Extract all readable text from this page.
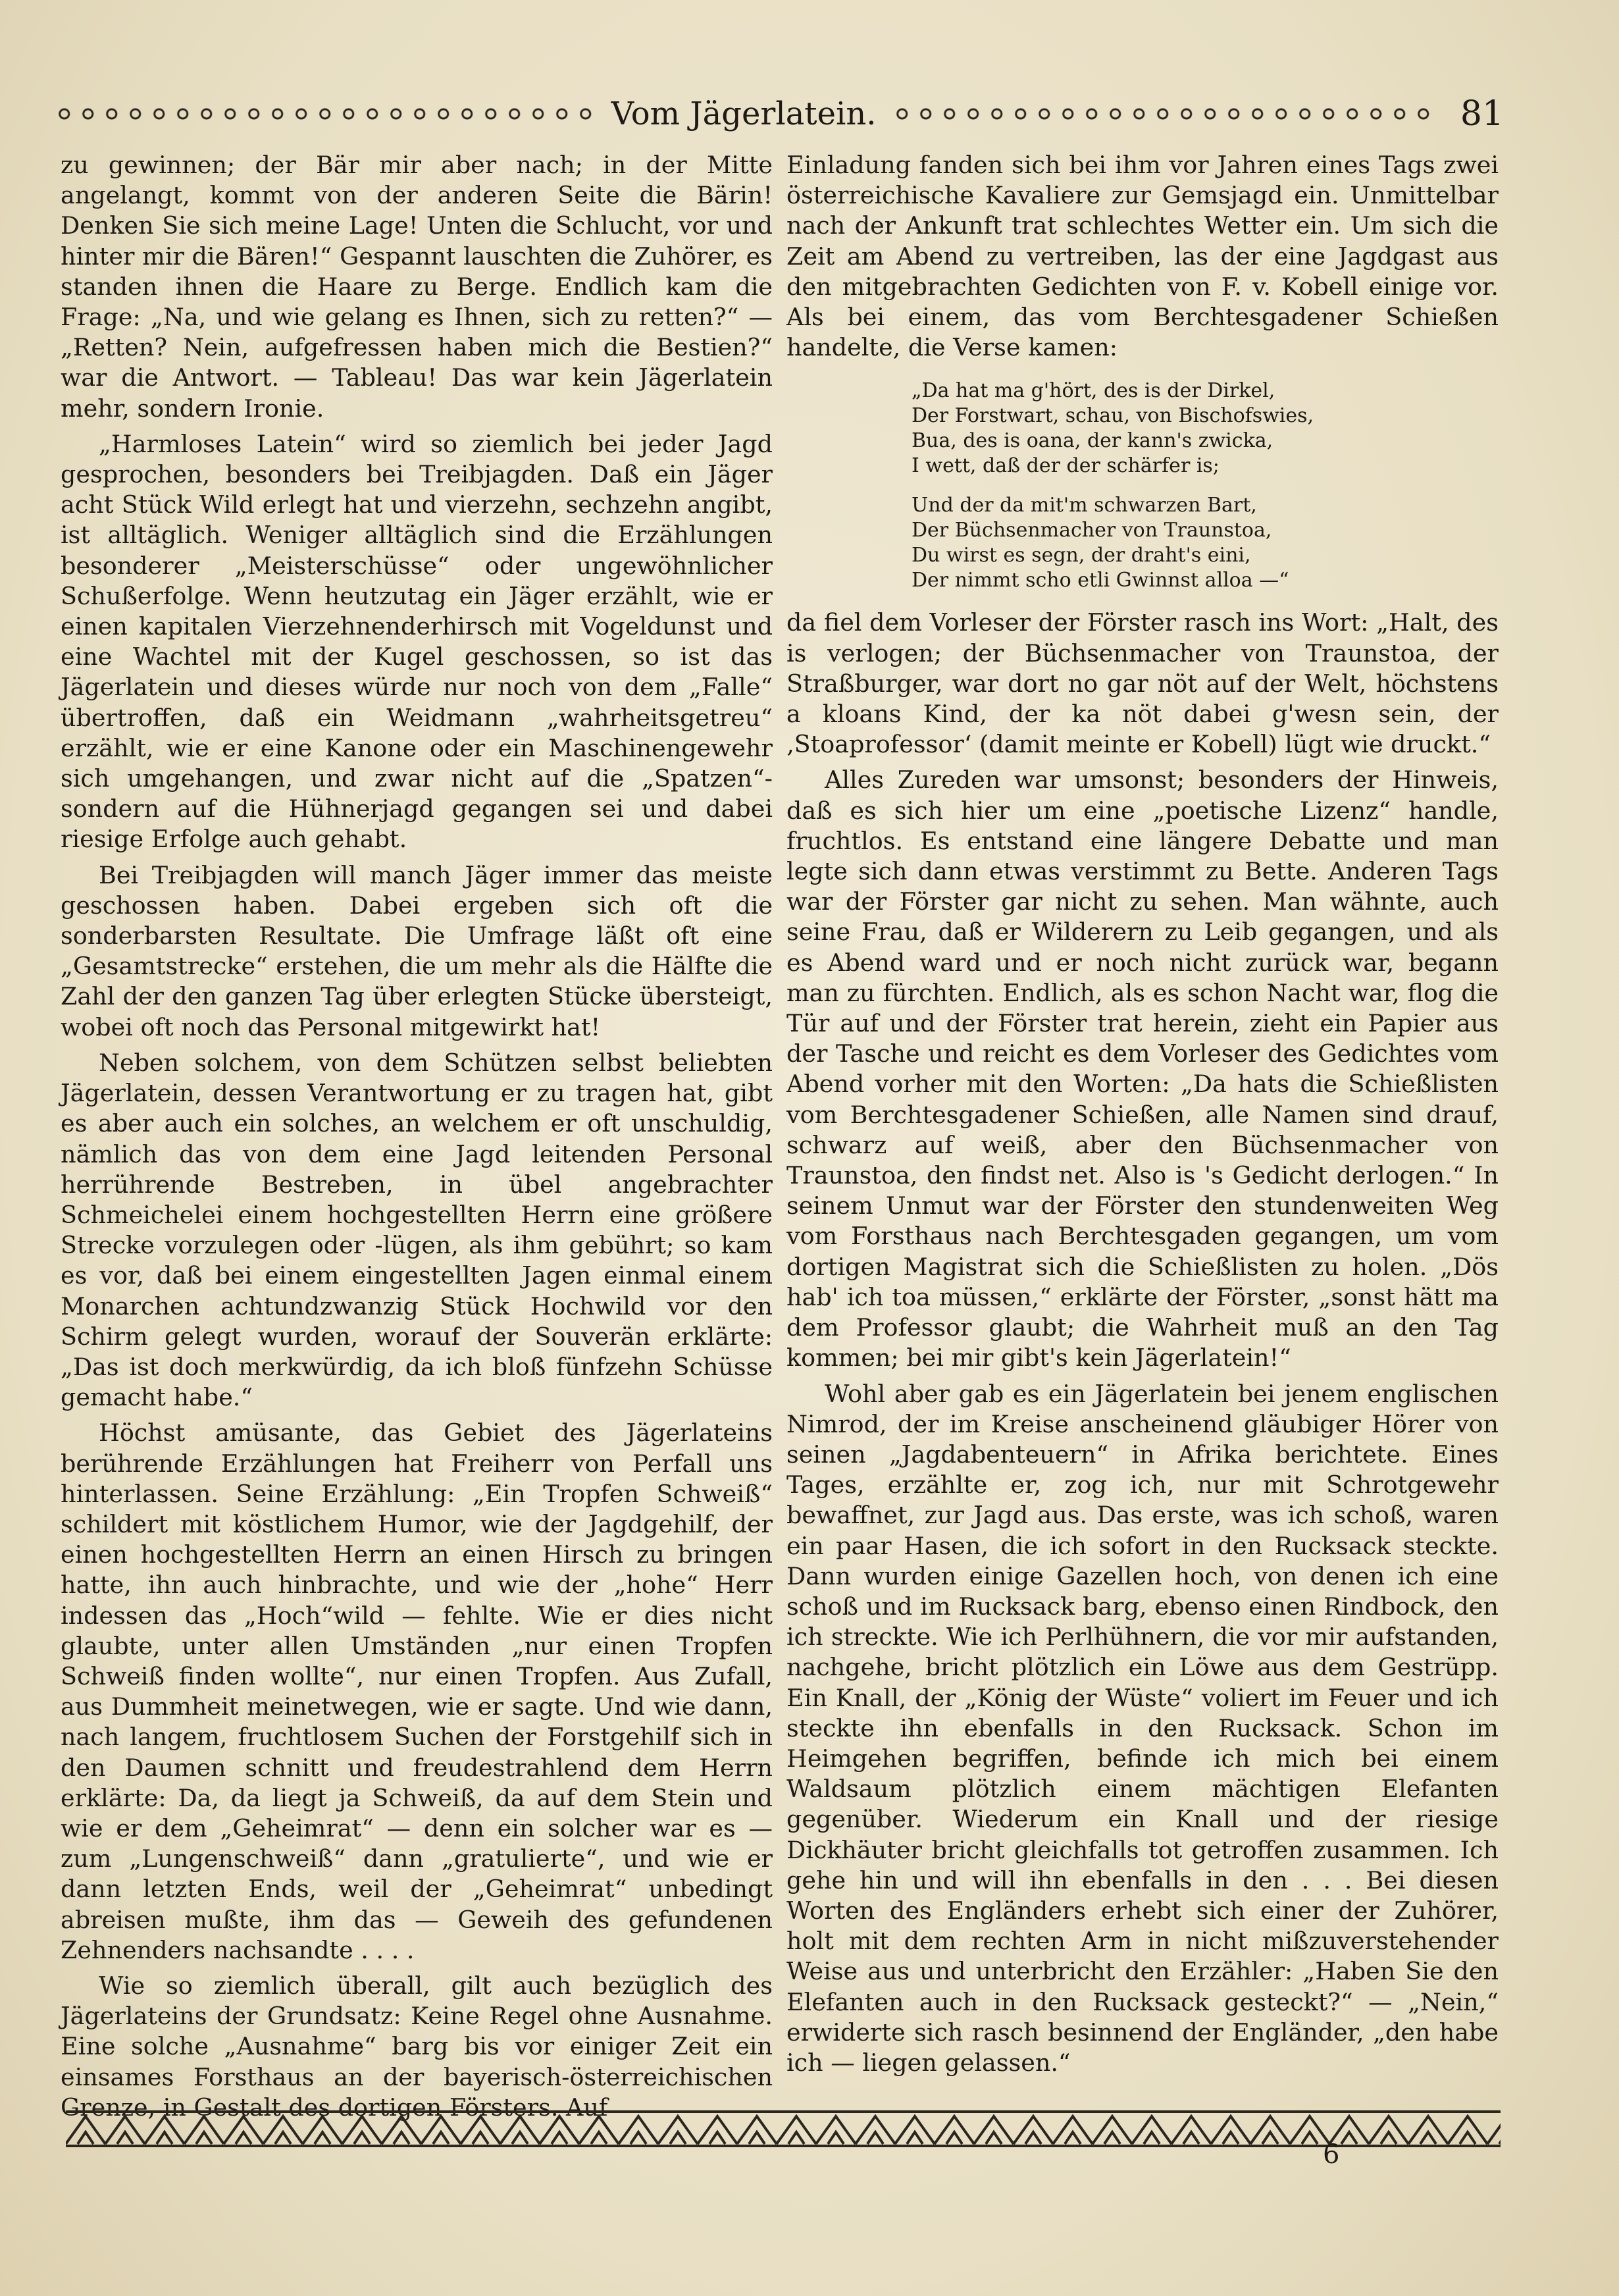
Vom Jägerlatein.	81

zu gewinnen; der Bär mir aber nach; in der Mitte angelangt, kommt von der anderen Seite die Bärin! Denken Sie sich meine Lage! Unten die Schlucht, vor und hinter mir die Bären!“ Gespannt lauschten die Zuhörer, es standen ihnen die Haare zu Berge. Endlich kam die Frage: „Na, und wie gelang es Ihnen, sich zu retten?“ — „Retten? Nein, aufgefressen haben mich die Bestien?“ war die Antwort. — Tableau! Das war kein Jägerlatein mehr, sondern Ironie.

„Harmloses Latein“ wird so ziemlich bei jeder Jagd gesprochen, besonders bei Treibjagden. Daß ein Jäger acht Stück Wild erlegt hat und vierzehn, sechzehn angibt, ist alltäglich. Weniger alltäglich sind die Erzählungen besonderer „Meisterschüsse“ oder ungewöhnlicher Schußerfolge. Wenn heutzutag ein Jäger erzählt, wie er einen kapitalen Vierzehnenderhirsch mit Vogeldunst und eine Wachtel mit der Kugel geschossen, so ist das Jägerlatein und dieses würde nur noch von dem „Falle“ übertroffen, daß ein Weidmann „wahrheitsgetreu“ erzählt, wie er eine Kanone oder ein Maschinengewehr sich umgehangen, und zwar nicht auf die „Spatzen“-sondern auf die Hühnerjagd gegangen sei und dabei riesige Erfolge auch gehabt.

Bei Treibjagden will manch Jäger immer das meiste geschossen haben. Dabei ergeben sich oft die sonderbarsten Resultate. Die Umfrage läßt oft eine „Gesamtstrecke“ erstehen, die um mehr als die Hälfte die Zahl der den ganzen Tag über erlegten Stücke übersteigt, wobei oft noch das Personal mitgewirkt hat!

Neben solchem, von dem Schützen selbst beliebten Jägerlatein, dessen Verantwortung er zu tragen hat, gibt es aber auch ein solches, an welchem er oft unschuldig, nämlich das von dem eine Jagd leitenden Personal herrührende Bestreben, in übel angebrachter Schmeichelei einem hochgestellten Herrn eine größere Strecke vorzulegen oder -lügen, als ihm gebührt; so kam es vor, daß bei einem eingestellten Jagen einmal einem Monarchen achtundzwanzig Stück Hochwild vor den Schirm gelegt wurden, worauf der Souverän erklärte: „Das ist doch merkwürdig, da ich bloß fünfzehn Schüsse gemacht habe.“

Höchst amüsante, das Gebiet des Jägerlateins berührende Erzählungen hat Freiherr von Perfall uns hinterlassen. Seine Erzählung: „Ein Tropfen Schweiß“ schildert mit köstlichem Humor, wie der Jagdgehilf, der einen hochgestellten Herrn an einen Hirsch zu bringen hatte, ihn auch hinbrachte, und wie der „hohe“ Herr indessen das „Hoch“wild — fehlte. Wie er dies nicht glaubte, unter allen Umständen „nur einen Tropfen Schweiß finden wollte“, nur einen Tropfen. Aus Zufall, aus Dummheit meinetwegen, wie er sagte. Und wie dann, nach langem, fruchtlosem Suchen der Forstgehilf sich in den Daumen schnitt und freudestrahlend dem Herrn erklärte: Da, da liegt ja Schweiß, da auf dem Stein und wie er dem „Geheimrat“ — denn ein solcher war es — zum „Lungenschweiß“ dann „gratulierte“, und wie er dann letzten Ends, weil der „Geheimrat“ unbedingt abreisen mußte, ihm das — Geweih des gefundenen Zehnenders nachsandte . . . .

Wie so ziemlich überall, gilt auch bezüglich des Jägerlateins der Grundsatz: Keine Regel ohne Ausnahme. Eine solche „Ausnahme“ barg bis vor einiger Zeit ein einsames Forsthaus an der bayerisch-österreichischen Grenze, in Gestalt des dortigen Försters. Auf

Einladung fanden sich bei ihm vor Jahren eines Tags zwei österreichische Kavaliere zur Gemsjagd ein. Unmittelbar nach der Ankunft trat schlechtes Wetter ein. Um sich die Zeit am Abend zu vertreiben, las der eine Jagdgast aus den mitgebrachten Gedichten von F. v. Kobell einige vor. Als bei einem, das vom Berchtesgadener Schießen handelte, die Verse kamen:

„Da hat ma g'hört, des is der Dirkel,
Der Forstwart, schau, von Bischofswies,
Bua, des is oana, der kann's zwicka,
I wett, daß der der schärfer is;
Und der da mit'm schwarzen Bart,
Der Büchsenmacher von Traunstoa,
Du wirst es segn, der draht's eini,
Der nimmt scho etli Gwinnst alloa —“

da fiel dem Vorleser der Förster rasch ins Wort: „Halt, des is verlogen; der Büchsenmacher von Traunstoa, der Straßburger, war dort no gar nöt auf der Welt, höchstens a kloans Kind, der ka nöt dabei g'wesn sein, der ‚Stoaprofessor‘ (damit meinte er Kobell) lügt wie druckt.“

Alles Zureden war umsonst; besonders der Hinweis, daß es sich hier um eine „poetische Lizenz“ handle, fruchtlos. Es entstand eine längere Debatte und man legte sich dann etwas verstimmt zu Bette. Anderen Tags war der Förster gar nicht zu sehen. Man wähnte, auch seine Frau, daß er Wilderern zu Leib gegangen, und als es Abend ward und er noch nicht zurück war, begann man zu fürchten. Endlich, als es schon Nacht war, flog die Tür auf und der Förster trat herein, zieht ein Papier aus der Tasche und reicht es dem Vorleser des Gedichtes vom Abend vorher mit den Worten: „Da hats die Schießlisten vom Berchtesgadener Schießen, alle Namen sind drauf, schwarz auf weiß, aber den Büchsenmacher von Traunstoa, den findst net. Also is 's Gedicht derlogen.“ In seinem Unmut war der Förster den stundenweiten Weg vom Forsthaus nach Berchtesgaden gegangen, um vom dortigen Magistrat sich die Schießlisten zu holen. „Dös hab' ich toa müssen,“ erklärte der Förster, „sonst hätt ma dem Professor glaubt; die Wahrheit muß an den Tag kommen; bei mir gibt's kein Jägerlatein!“

Wohl aber gab es ein Jägerlatein bei jenem englischen Nimrod, der im Kreise anscheinend gläubiger Hörer von seinen „Jagdabenteuern“ in Afrika berichtete. Eines Tages, erzählte er, zog ich, nur mit Schrotgewehr bewaffnet, zur Jagd aus. Das erste, was ich schoß, waren ein paar Hasen, die ich sofort in den Rucksack steckte. Dann wurden einige Gazellen hoch, von denen ich eine schoß und im Rucksack barg, ebenso einen Rindbock, den ich streckte. Wie ich Perlhühnern, die vor mir aufstanden, nachgehe, bricht plötzlich ein Löwe aus dem Gestrüpp. Ein Knall, der „König der Wüste“ voliert im Feuer und ich steckte ihn ebenfalls in den Rucksack. Schon im Heimgehen begriffen, befinde ich mich bei einem Waldsaum plötzlich einem mächtigen Elefanten gegenüber. Wiederum ein Knall und der riesige Dickhäuter bricht gleichfalls tot getroffen zusammen. Ich gehe hin und will ihn ebenfalls in den . . . Bei diesen Worten des Engländers erhebt sich einer der Zuhörer, holt mit dem rechten Arm in nicht mißzuverstehender Weise aus und unterbricht den Erzähler: „Haben Sie den Elefanten auch in den Rucksack gesteckt?“ — „Nein,“ erwiderte sich rasch besinnend der Engländer, „den habe ich — liegen gelassen.“

6
